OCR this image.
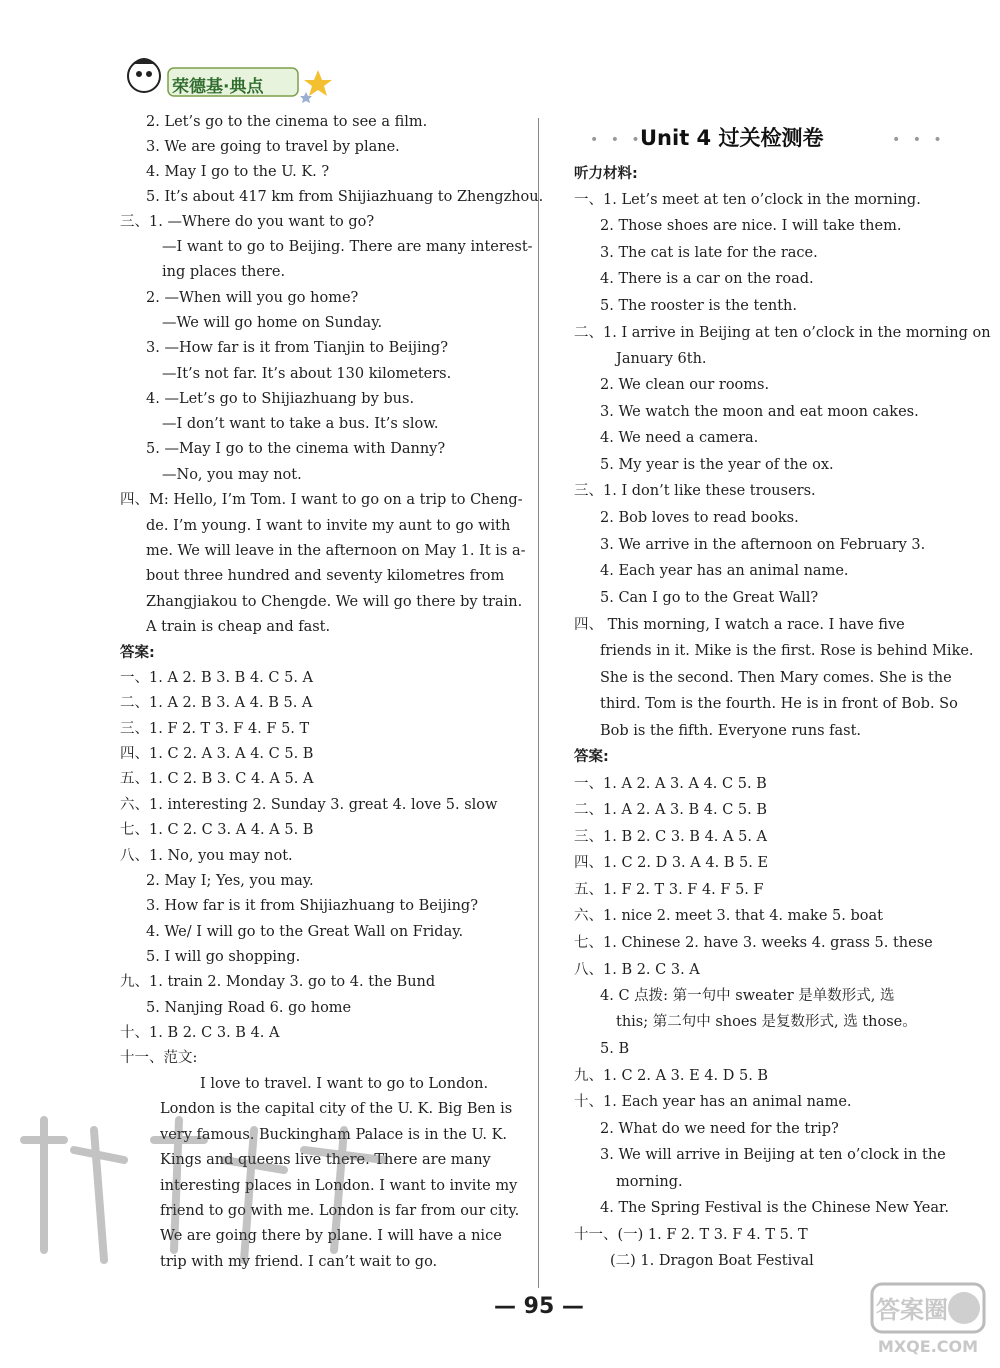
荣德基·典点
2. Let’s go to the cinema to see a film.
3. We are going to travel by plane.
4. May I go to the U. K. ?
5. It’s about 417 km from Shijiazhuang to Zhengzhou.
三、1. —Where do you want to go?
—I want to go to Beijing. There are many interest-
ing places there.
2. —When will you go home?
—We will go home on Sunday.
3. —How far is it from Tianjin to Beijing?
—It’s not far. It’s about 130 kilometers.
4. —Let’s go to Shijiazhuang by bus.
—I don’t want to take a bus. It’s slow.
5. —May I go to the cinema with Danny?
—No, you may not.
四、M: Hello, I’m Tom. I want to go on a trip to Cheng-
de. I’m young. I want to invite my aunt to go with
me. We will leave in the afternoon on May 1. It is a-
bout three hundred and seventy kilometres from
Zhangjiakou to Chengde. We will go there by train.
A train is cheap and fast.
答案:
一、1. A 2. B 3. B 4. C 5. A
二、1. A 2. B 3. A 4. B 5. A
三、1. F 2. T 3. F 4. F 5. T
四、1. C 2. A 3. A 4. C 5. B
五、1. C 2. B 3. C 4. A 5. A
六、1. interesting 2. Sunday 3. great 4. love 5. slow
七、1. C 2. C 3. A 4. A 5. B
八、1. No, you may not.
2. May I; Yes, you may.
3. How far is it from Shijiazhuang to Beijing?
4. We/ I will go to the Great Wall on Friday.
5. I will go shopping.
九、1. train 2. Monday 3. go to 4. the Bund
5. Nanjing Road 6. go home
十、1. B 2. C 3. B 4. A
十一、范文:
I love to travel. I want to go to London.
London is the capital city of the U. K. Big Ben is
very famous. Buckingham Palace is in the U. K.
Kings and queens live there. There are many
interesting places in London. I want to invite my
friend to go with me. London is far from our city.
We are going there by plane. I will have a nice
trip with my friend. I can’t wait to go.
• • •
Unit 4 过关检测卷	• • •
听力材料:
一、1. Let’s meet at ten o’clock in the morning.
2. Those shoes are nice. I will take them.
3. The cat is late for the race.
4. There is a car on the road.
5. The rooster is the tenth.
二、1. I arrive in Beijing at ten o’clock in the morning on
January 6th.
2. We clean our rooms.
3. We watch the moon and eat moon cakes.
4. We need a camera.
5. My year is the year of the ox.
三、1. I don’t like these trousers.
2. Bob loves to read books.
3. We arrive in the afternoon on February 3.
4. Each year has an animal name.
5. Can I go to the Great Wall?
四、 This morning, I watch a race. I have five
friends in it. Mike is the first. Rose is behind Mike.
She is the second. Then Mary comes. She is the
third. Tom is the fourth. He is in front of Bob. So
Bob is the fifth. Everyone runs fast.
答案:
一、1. A 2. A 3. A 4. C 5. B
二、1. A 2. A 3. B 4. C 5. B
三、1. B 2. C 3. B 4. A 5. A
四、1. C 2. D 3. A 4. B 5. E
五、1. F 2. T 3. F 4. F 5. F
六、1. nice 2. meet 3. that 4. make 5. boat
七、1. Chinese 2. have 3. weeks 4. grass 5. these
八、1. B 2. C 3. A
4. C 点拨: 第一句中 sweater 是单数形式, 选
this; 第二句中 shoes 是复数形式, 选 those。
5. B
九、1. C 2. A 3. E 4. D 5. B
十、1. Each year has an animal name.
2. What do we need for the trip?
3. We will arrive in Beijing at ten o’clock in the
morning.
4. The Spring Festival is the Chinese New Year.
十一、(一) 1. F 2. T 3. F 4. T 5. T
(二) 1. Dragon Boat Festival
— 95 —	答案圈
MXQE.COM
